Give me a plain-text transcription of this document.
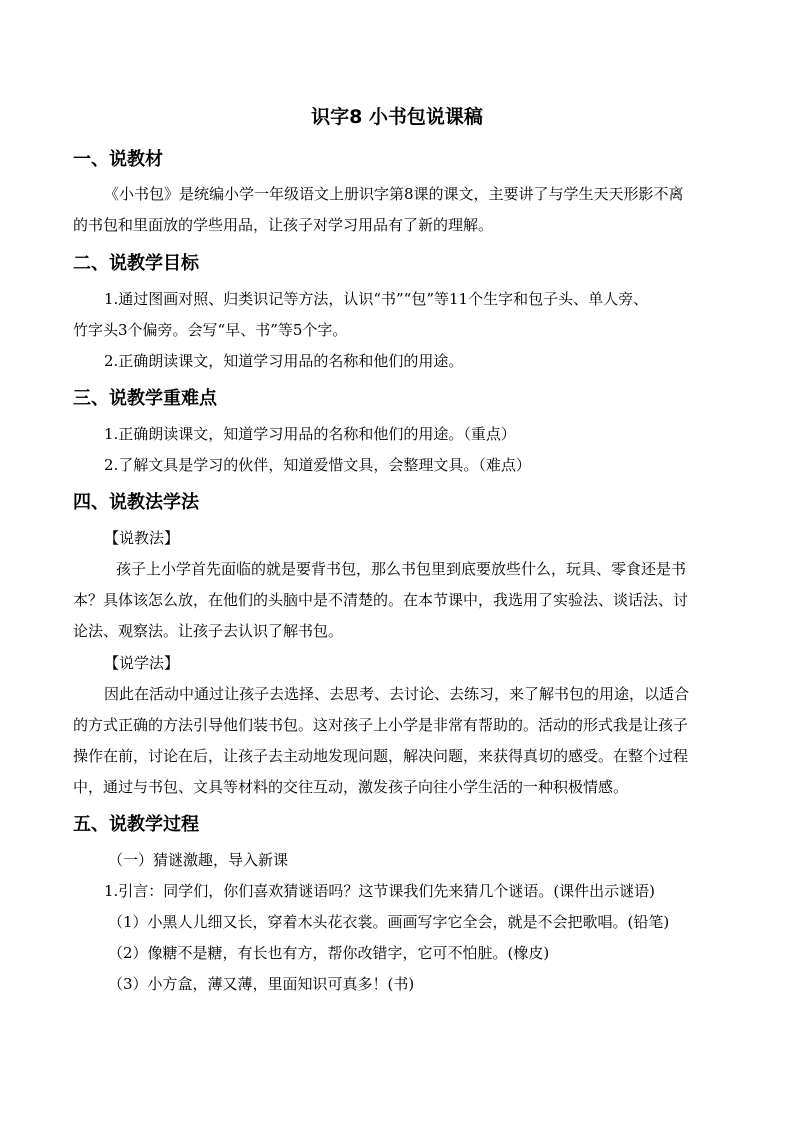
识字8 小书包说课稿
一、说教材
《小书包》是统编小学一年级语文上册识字第8课的课文，主要讲了与学生天天形影不离
的书包和里面放的学些用品，让孩子对学习用品有了新的理解。
二、说教学目标
1.通过图画对照、归类识记等方法，认识“书”“包”等11个生字和包子头、单人旁、
竹字头3个偏旁。会写“早、书”等5个字。
2.正确朗读课文，知道学习用品的名称和他们的用途。
三、说教学重难点
1.正确朗读课文，知道学习用品的名称和他们的用途。（重点）
2.了解文具是学习的伙伴，知道爱惜文具，会整理文具。（难点）
四、说教法学法
【说教法】
孩子上小学首先面临的就是要背书包，那么书包里到底要放些什么，玩具、零食还是书
本？具体该怎么放，在他们的头脑中是不清楚的。在本节课中，我选用了实验法、谈话法、讨
论法、观察法。让孩子去认识了解书包。
【说学法】
因此在活动中通过让孩子去选择、去思考、去讨论、去练习，来了解书包的用途，以适合
的方式正确的方法引导他们装书包。这对孩子上小学是非常有帮助的。活动的形式我是让孩子
操作在前，讨论在后，让孩子去主动地发现问题，解决问题，来获得真切的感受。在整个过程
中，通过与书包、文具等材料的交往互动，激发孩子向往小学生活的一种积极情感。
五、说教学过程
（一）猜谜激趣，导入新课
1.引言：同学们，你们喜欢猜谜语吗？这节课我们先来猜几个谜语。(课件出示谜语)
（1）小黑人儿细又长，穿着木头花衣裳。画画写字它全会，就是不会把歌唱。(铅笔)
（2）像糖不是糖，有长也有方，帮你改错字，它可不怕脏。(橡皮)
（3）小方盒，薄又薄，里面知识可真多！(书)
